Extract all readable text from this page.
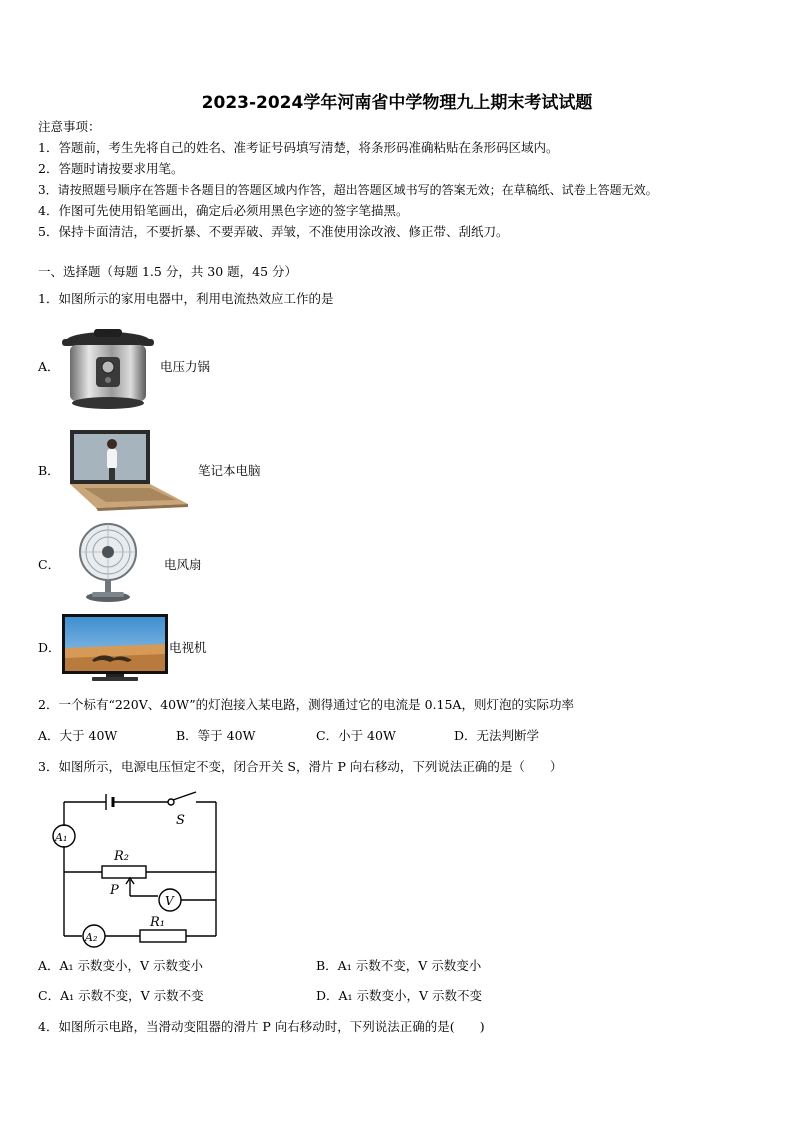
2023-2024学年河南省中学物理九上期末考试试题
注意事项：
1．答题前，考生先将自己的姓名、准考证号码填写清楚，将条形码准确粘贴在条形码区域内。
2．答题时请按要求用笔。
3．请按照题号顺序在答题卡各题目的答题区域内作答，超出答题区域书写的答案无效；在草稿纸、试卷上答题无效。
4．作图可先使用铅笔画出，确定后必须用黑色字迹的签字笔描黑。
5．保持卡面清洁，不要折暴、不要弄破、弄皱，不准使用涂改液、修正带、刮纸刀。
一、选择题（每题 1.5 分，共 30 题，45 分）
1．如图所示的家用电器中，利用电流热效应工作的是
A．	电压力锅
B．	笔记本电脑
C．	电风扇
D．	电视机
2．一个标有“220V、40W”的灯泡接入某电路，测得通过它的电流是 0.15A，则灯泡的实际功率
A．大于 40W	B．等于 40W	C．小于 40W	D．无法判断学
3．如图所示，电源电压恒定不变，闭合开关 S，滑片 P 向右移动，下列说法正确的是（　　）
S
R₂
P
V
A₁
A₂
R₁
A．A₁ 示数变小，V 示数变小	B．A₁ 示数不变，V 示数变小
C．A₁ 示数不变，V 示数不变	D．A₁ 示数变小，V 示数不变
4．如图所示电路，当滑动变阻器的滑片 P 向右移动时，下列说法正确的是(　　)
